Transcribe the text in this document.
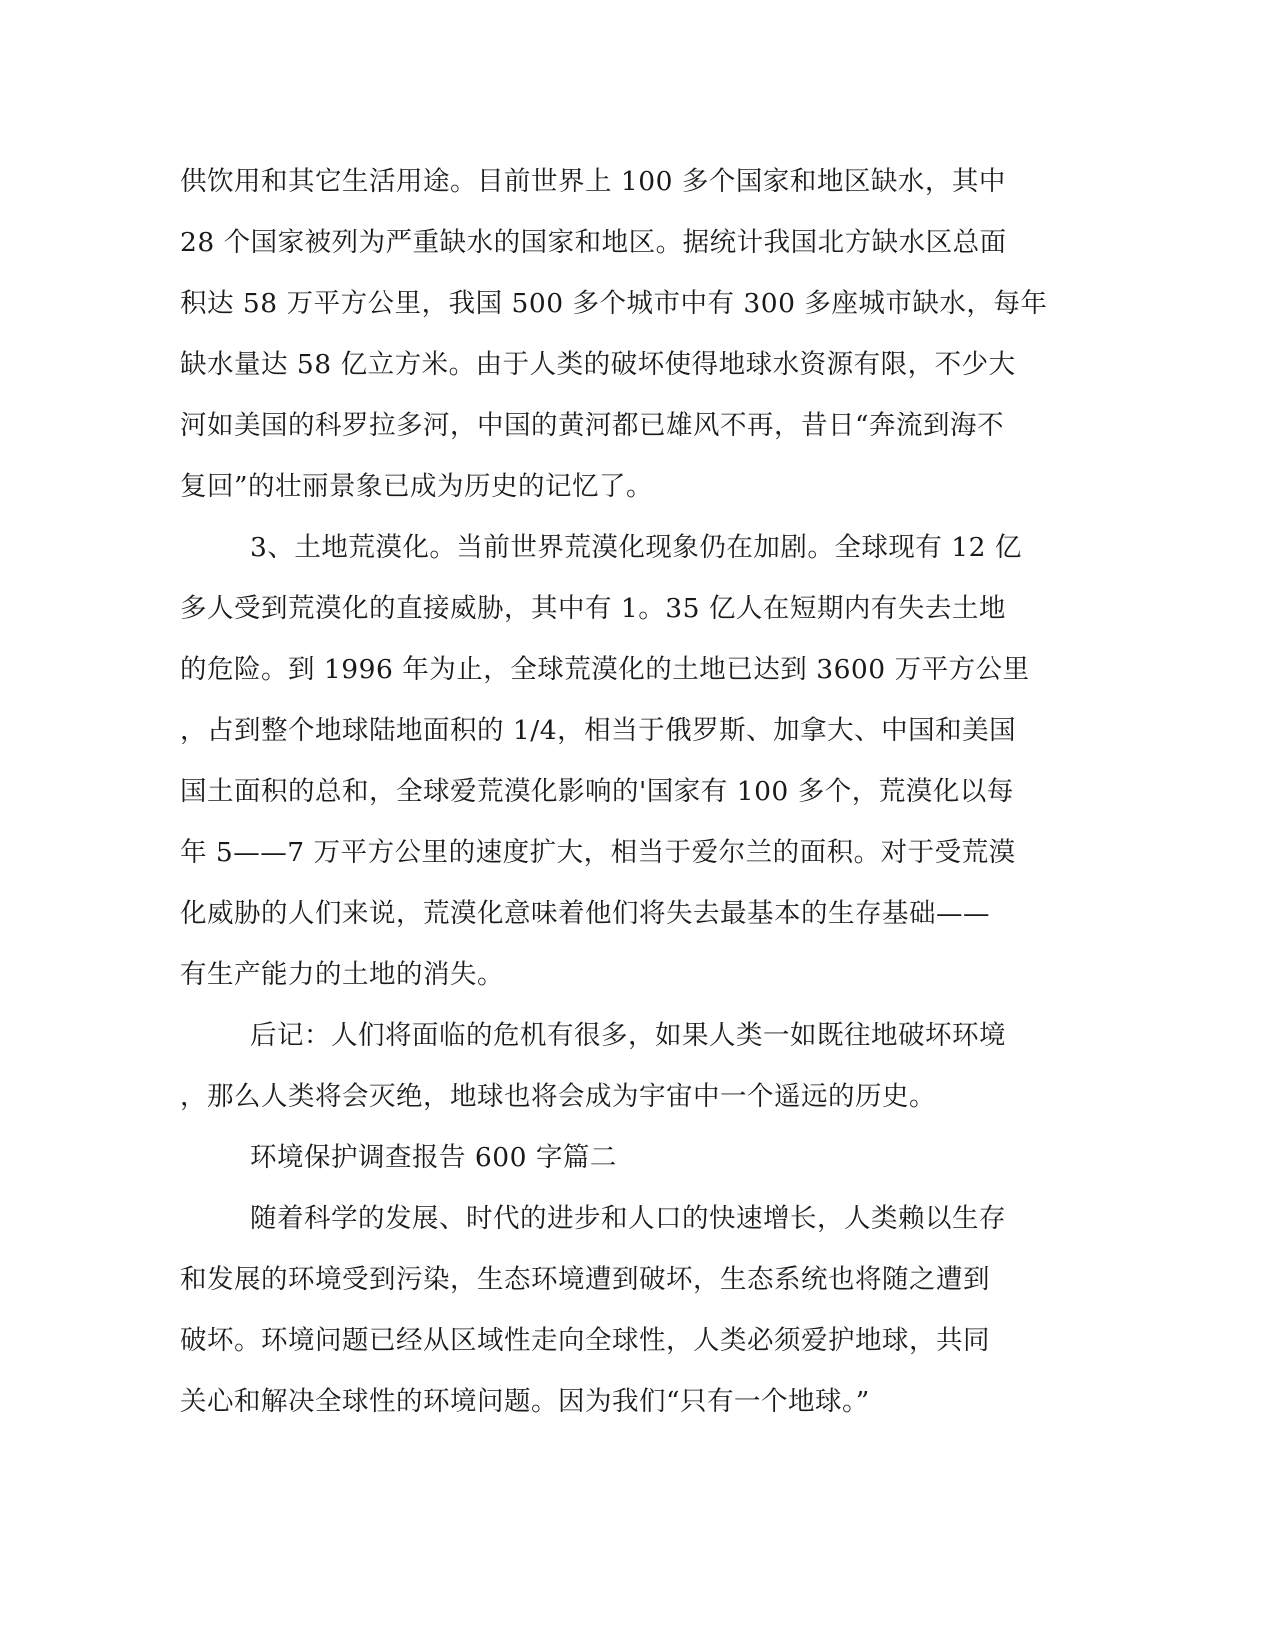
供饮用和其它生活用途。目前世界上 100 多个国家和地区缺水，其中
28 个国家被列为严重缺水的国家和地区。据统计我国北方缺水区总面
积达 58 万平方公里，我国 500 多个城市中有 300 多座城市缺水，每年
缺水量达 58 亿立方米。由于人类的破坏使得地球水资源有限，不少大
河如美国的科罗拉多河，中国的黄河都已雄风不再，昔日“奔流到海不
复回”的壮丽景象已成为历史的记忆了。
3、土地荒漠化。当前世界荒漠化现象仍在加剧。全球现有 12 亿
多人受到荒漠化的直接威胁，其中有 1。35 亿人在短期内有失去土地
的危险。到 1996 年为止，全球荒漠化的土地已达到 3600 万平方公里
，占到整个地球陆地面积的 1/4，相当于俄罗斯、加拿大、中国和美国
国土面积的总和，全球爱荒漠化影响的'国家有 100 多个，荒漠化以每
年 5——7 万平方公里的速度扩大，相当于爱尔兰的面积。对于受荒漠
化威胁的人们来说，荒漠化意味着他们将失去最基本的生存基础——
有生产能力的土地的消失。
后记：人们将面临的危机有很多，如果人类一如既往地破坏环境
，那么人类将会灭绝，地球也将会成为宇宙中一个遥远的历史。
环境保护调查报告 600 字篇二
随着科学的发展、时代的进步和人口的快速增长，人类赖以生存
和发展的环境受到污染，生态环境遭到破坏，生态系统也将随之遭到
破坏。环境问题已经从区域性走向全球性，人类必须爱护地球，共同
关心和解决全球性的环境问题。因为我们“只有一个地球。”
